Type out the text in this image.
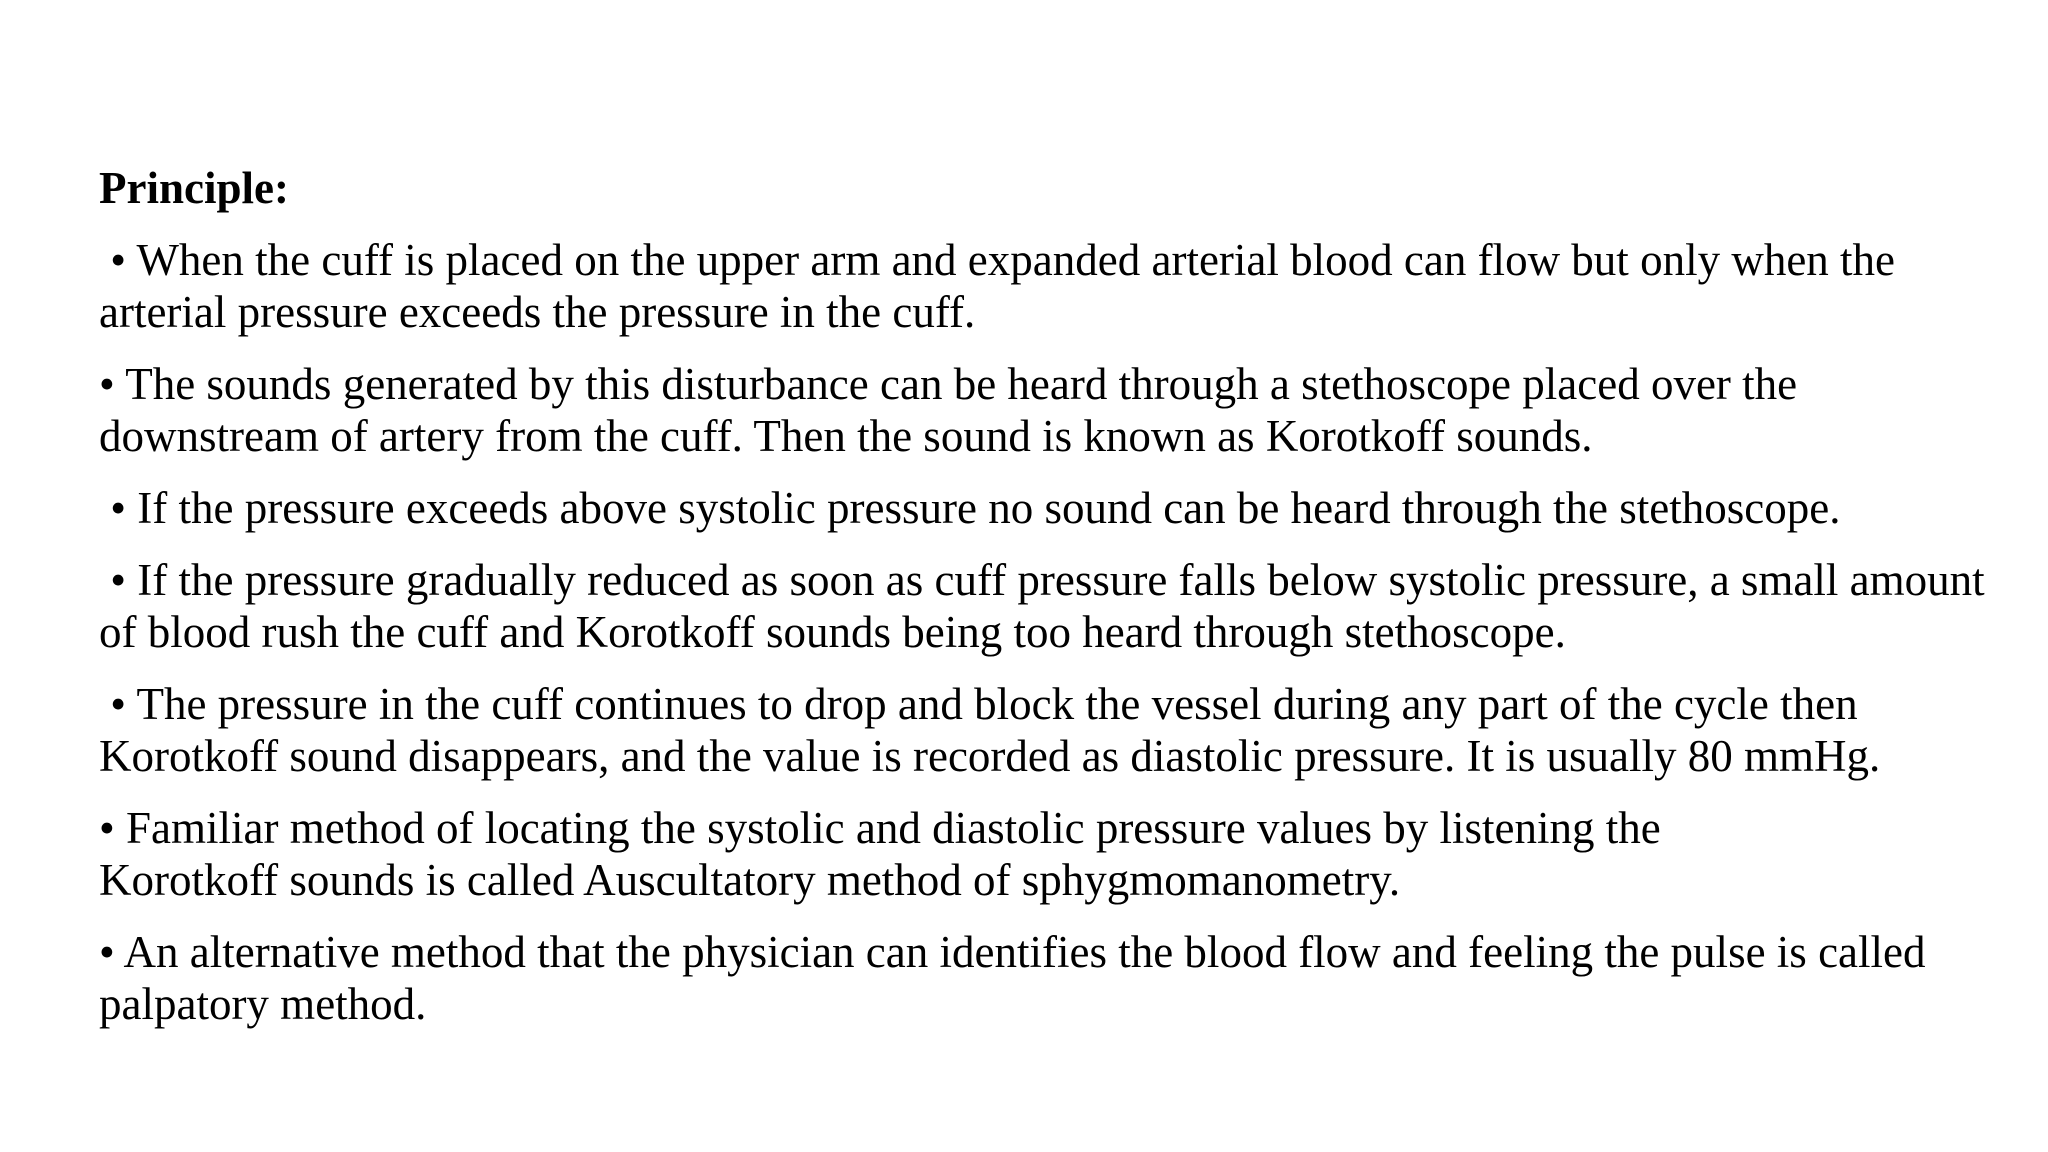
Principle:
• When the cuff is placed on the upper arm and expanded arterial blood can flow but only when the arterial pressure exceeds the pressure in the cuff.
• The sounds generated by this disturbance can be heard through a stethoscope placed over the downstream of artery from the cuff. Then the sound is known as Korotkoff sounds.
• If the pressure exceeds above systolic pressure no sound can be heard through the stethoscope.
• If the pressure gradually reduced as soon as cuff pressure falls below systolic pressure, a small amount of blood rush the cuff and Korotkoff sounds being too heard through stethoscope.
• The pressure in the cuff continues to drop and block the vessel during any part of the cycle then Korotkoff sound disappears, and the value is recorded as diastolic pressure. It is usually 80 mmHg.
• Familiar method of locating the systolic and diastolic pressure values by listening the Korotkoff sounds is called Auscultatory method of sphygmomanometry.
• An alternative method that the physician can identifies the blood flow and feeling the pulse is called palpatory method.
